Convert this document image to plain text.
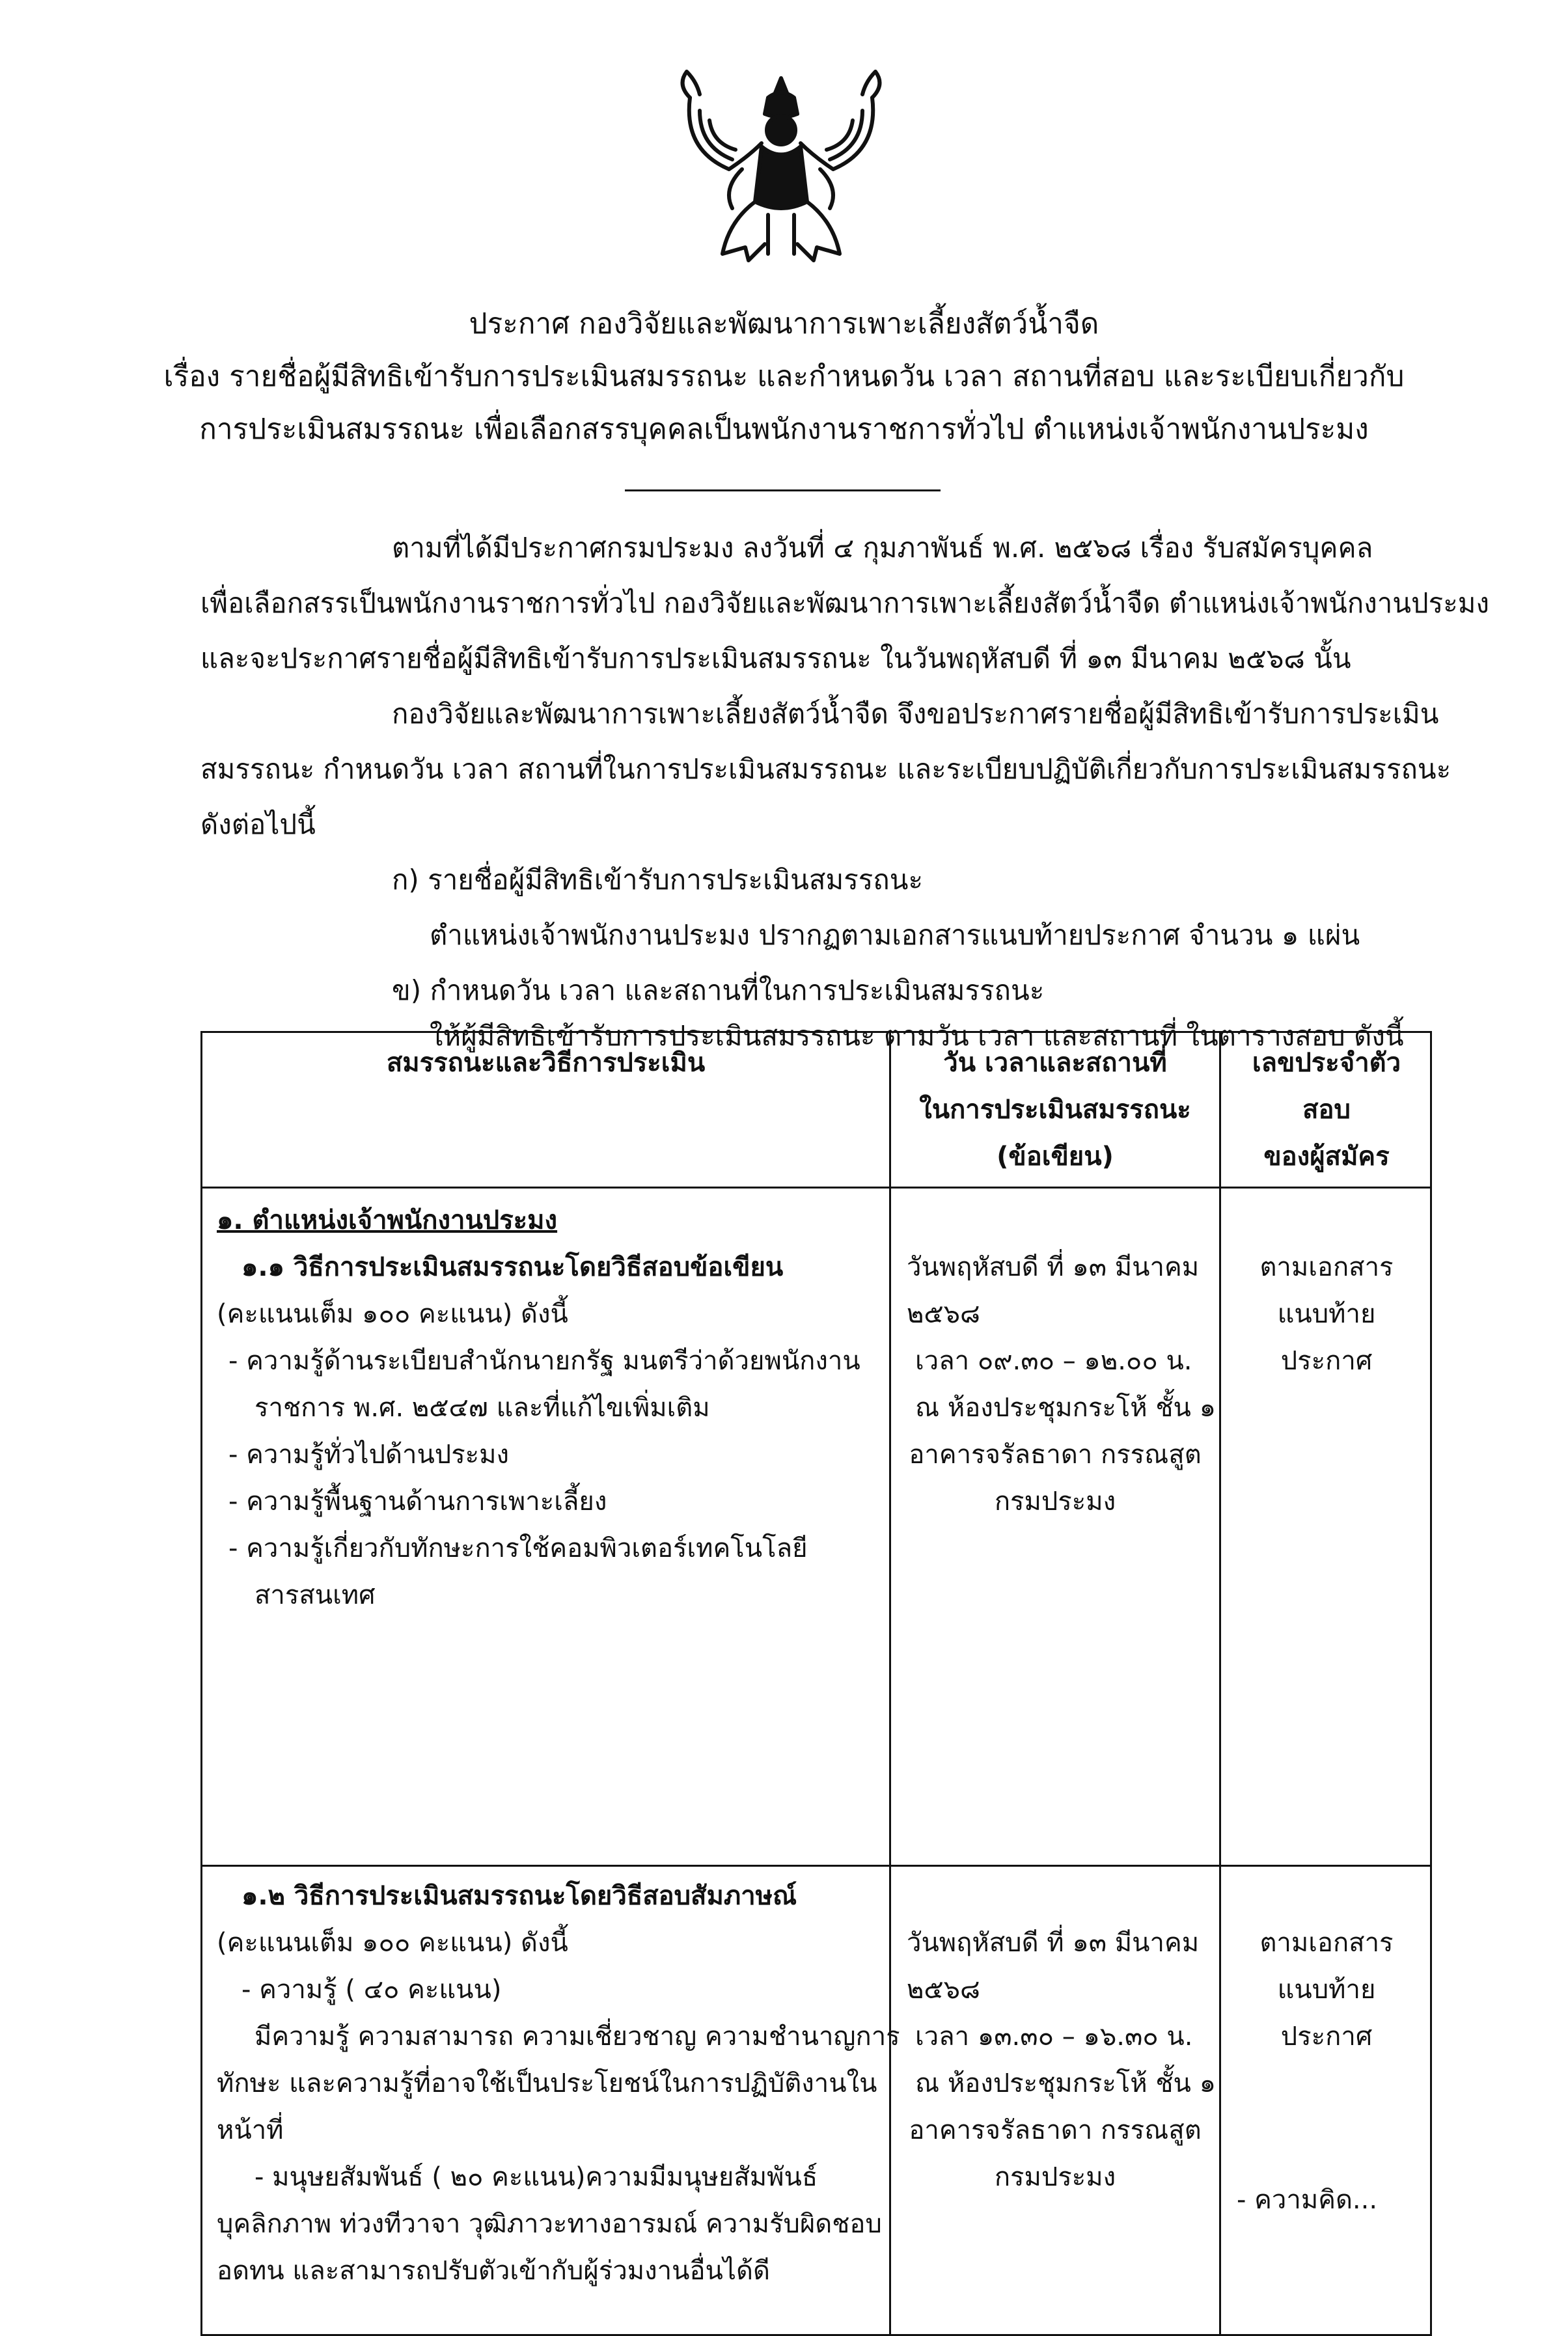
ประกาศ กองวิจัยและพัฒนาการเพาะเลี้ยงสัตว์น้ำจืด
เรื่อง รายชื่อผู้มีสิทธิเข้ารับการประเมินสมรรถนะ และกำหนดวัน เวลา สถานที่สอบ และระเบียบเกี่ยวกับ
การประเมินสมรรถนะ เพื่อเลือกสรรบุคคลเป็นพนักงานราชการทั่วไป ตำแหน่งเจ้าพนักงานประมง
ตามที่ได้มีประกาศกรมประมง ลงวันที่ ๔ กุมภาพันธ์ พ.ศ. ๒๕๖๘ เรื่อง รับสมัครบุคคล
เพื่อเลือกสรรเป็นพนักงานราชการทั่วไป กองวิจัยและพัฒนาการเพาะเลี้ยงสัตว์น้ำจืด ตำแหน่งเจ้าพนักงานประมง
และจะประกาศรายชื่อผู้มีสิทธิเข้ารับการประเมินสมรรถนะ ในวันพฤหัสบดี ที่ ๑๓ มีนาคม ๒๕๖๘ นั้น
กองวิจัยและพัฒนาการเพาะเลี้ยงสัตว์น้ำจืด จึงขอประกาศรายชื่อผู้มีสิทธิเข้ารับการประเมิน
สมรรถนะ กำหนดวัน เวลา สถานที่ในการประเมินสมรรถนะ และระเบียบปฏิบัติเกี่ยวกับการประเมินสมรรถนะ
ดังต่อไปนี้
ก) รายชื่อผู้มีสิทธิเข้ารับการประเมินสมรรถนะ
ตำแหน่งเจ้าพนักงานประมง ปรากฏตามเอกสารแนบท้ายประกาศ จำนวน ๑ แผ่น
ข) กำหนดวัน เวลา และสถานที่ในการประเมินสมรรถนะ
ให้ผู้มีสิทธิเข้ารับการประเมินสมรรถนะ ตามวัน เวลา และสถานที่ ในตารางสอบ ดังนี้
สมรรถนะและวิธีการประเมิน	วัน เวลาและสถานที่
ในการประเมินสมรรถนะ
(ข้อเขียน)
เลขประจำตัว
สอบ
ของผู้สมัคร
๑. ตำแหน่งเจ้าพนักงานประมง
๑.๑ วิธีการประเมินสมรรถนะโดยวิธีสอบข้อเขียน
(คะแนนเต็ม ๑๐๐ คะแนน) ดังนี้
- ความรู้ด้านระเบียบสำนักนายกรัฐ มนตรีว่าด้วยพนักงาน
ราชการ พ.ศ. ๒๕๔๗ และที่แก้ไขเพิ่มเติม
- ความรู้ทั่วไปด้านประมง
- ความรู้พื้นฐานด้านการเพาะเลี้ยง
- ความรู้เกี่ยวกับทักษะการใช้คอมพิวเตอร์เทคโนโลยี
สารสนเทศ
วันพฤหัสบดี ที่ ๑๓ มีนาคม
๒๕๖๘
เวลา ๐๙.๓๐ – ๑๒.๐๐ น.
ณ ห้องประชุมกระโห้ ชั้น ๑
อาคารจรัลธาดา กรรณสูต
กรมประมง
ตามเอกสาร
แนบท้าย
ประกาศ
๑.๒ วิธีการประเมินสมรรถนะโดยวิธีสอบสัมภาษณ์
(คะแนนเต็ม ๑๐๐ คะแนน) ดังนี้
- ความรู้ ( ๔๐ คะแนน)
มีความรู้ ความสามารถ ความเชี่ยวชาญ ความชำนาญการ
ทักษะ และความรู้ที่อาจใช้เป็นประโยชน์ในการปฏิบัติงานใน
หน้าที่
- มนุษยสัมพันธ์ ( ๒๐ คะแนน)ความมีมนุษยสัมพันธ์
บุคลิกภาพ ท่วงทีวาจา วุฒิภาวะทางอารมณ์ ความรับผิดชอบ
อดทน และสามารถปรับตัวเข้ากับผู้ร่วมงานอื่นได้ดี
วันพฤหัสบดี ที่ ๑๓ มีนาคม
๒๕๖๘
เวลา ๑๓.๓๐ – ๑๖.๓๐ น.
ณ ห้องประชุมกระโห้ ชั้น ๑
อาคารจรัลธาดา กรรณสูต
กรมประมง
ตามเอกสาร
แนบท้าย
ประกาศ
- ความคิด...
